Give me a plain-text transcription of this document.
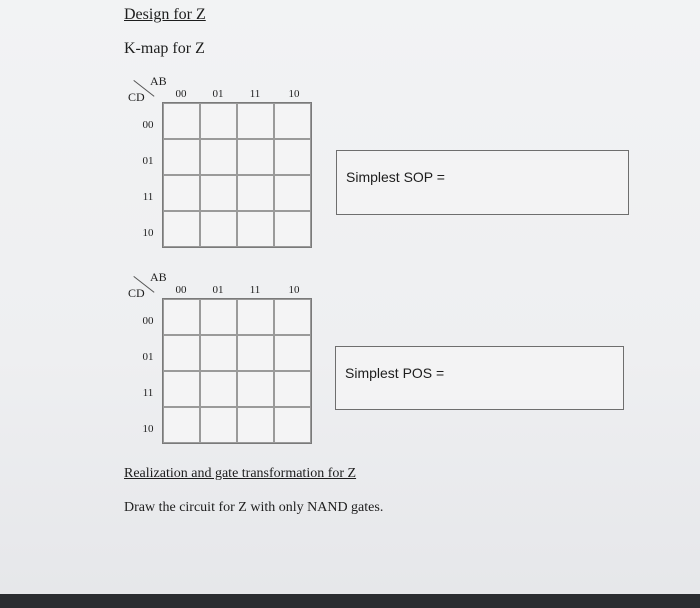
Design for Z
K-map for Z
AB
CD	00	01	11	10
00
01
11
10
Simplest SOP =
AB
CD	00	01	11	10
00
01
11
10
Simplest POS =
Realization and gate transformation for Z
Draw the circuit for Z with only NAND gates.
